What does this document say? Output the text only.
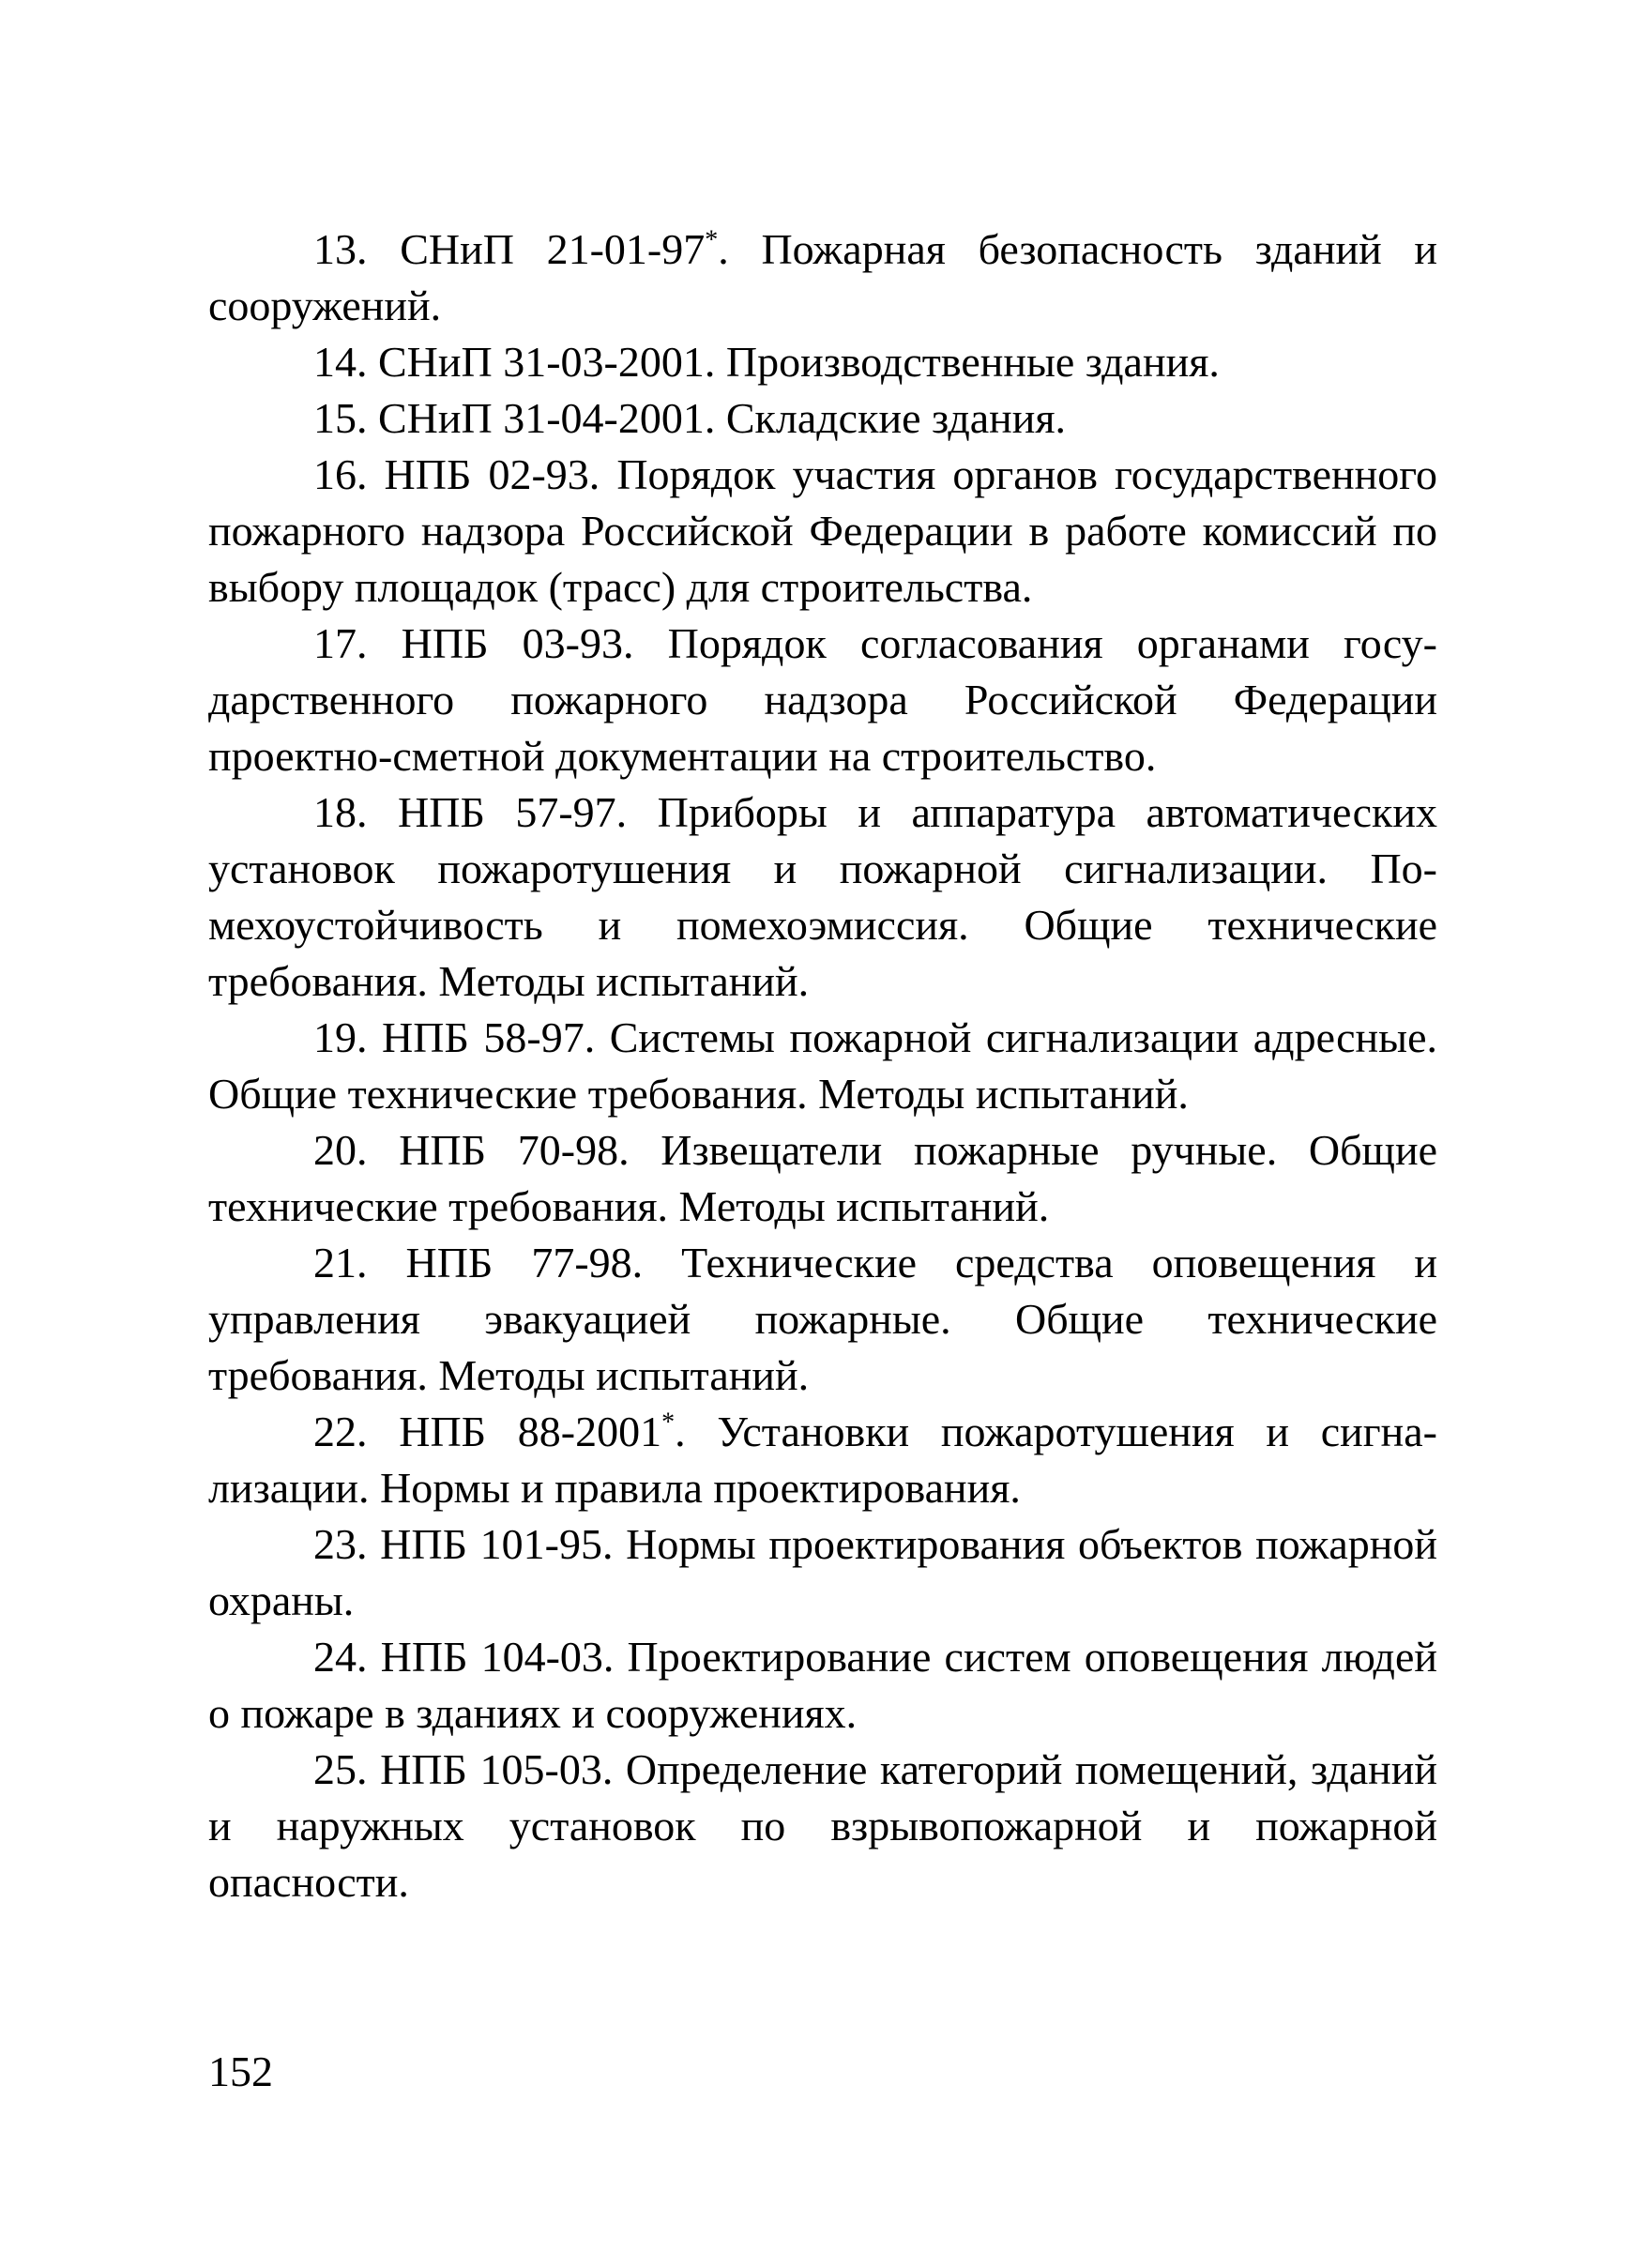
13. СНиП 21-01-97*. Пожарная безопасность зданий и сооружений.

14. СНиП 31-03-2001. Производственные здания.

15. СНиП 31-04-2001. Складские здания.

16. НПБ 02-93. Порядок участия органов государственного пожарного надзора Российской Федерации в работе комиссий по выбору площадок (трасс) для строительства.

17. НПБ 03-93. Порядок согласования органами государственного пожарного надзора Российской Федерации проектно-сметной документации на строительство.

18. НПБ 57-97. Приборы и аппаратура автоматических установок пожаротушения и пожарной сигнализации. Помехоустойчивость и помехоэмиссия. Общие технические требования. Методы испытаний.

19. НПБ 58-97. Системы пожарной сигнализации адресные. Общие технические требования. Методы испытаний.

20. НПБ 70-98. Извещатели пожарные ручные. Общие технические требования. Методы испытаний.

21. НПБ 77-98. Технические средства оповещения и управления эвакуацией пожарные. Общие технические требования. Методы испытаний.

22. НПБ 88-2001*. Установки пожаротушения и сигнализации. Нормы и правила проектирования.

23. НПБ 101-95. Нормы проектирования объектов пожарной охраны.

24. НПБ 104-03. Проектирование систем оповещения людей о пожаре в зданиях и сооружениях.

25. НПБ 105-03. Определение категорий помещений, зданий и наружных установок по взрывопожарной и пожарной опасности.

152
